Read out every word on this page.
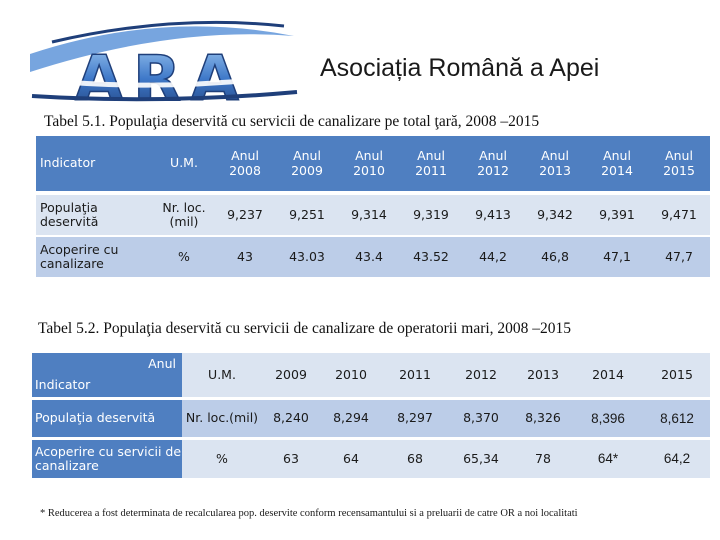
ARA	Asociația Română a Apei
Tabel 5.1. Populaţia deservită cu servicii de canalizare pe total ţară, 2008 –2015
Indicator	U.M.	Anul 2008	Anul 2009	Anul 2010	Anul 2011	Anul 2012	Anul 2013	Anul 2014	Anul 2015
Populaţia deservită	Nr. loc.(mil)	9,237	9,251	9,314	9,319	9,413	9,342	9,391	9,471
Acoperire cu canalizare	%	43	43.03	43.4	43.52	44,2	46,8	47,1	47,7
Tabel 5.2. Populaţia deservită cu servicii de canalizare de operatorii mari, 2008 –2015
Anul
Indicator	U.M.	2009	2010	2011	2012	2013	2014	2015
Populaţia deservită	Nr. loc.(mil)	8,240	8,294	8,297	8,370	8,326	8,396	8,612
Acoperire cu servicii de canalizare	%	63	64	68	65,34	78	64*	64,2
* Reducerea a fost determinata de recalcularea pop. deservite conform recensamantului si a preluarii de catre OR a noi localitati
